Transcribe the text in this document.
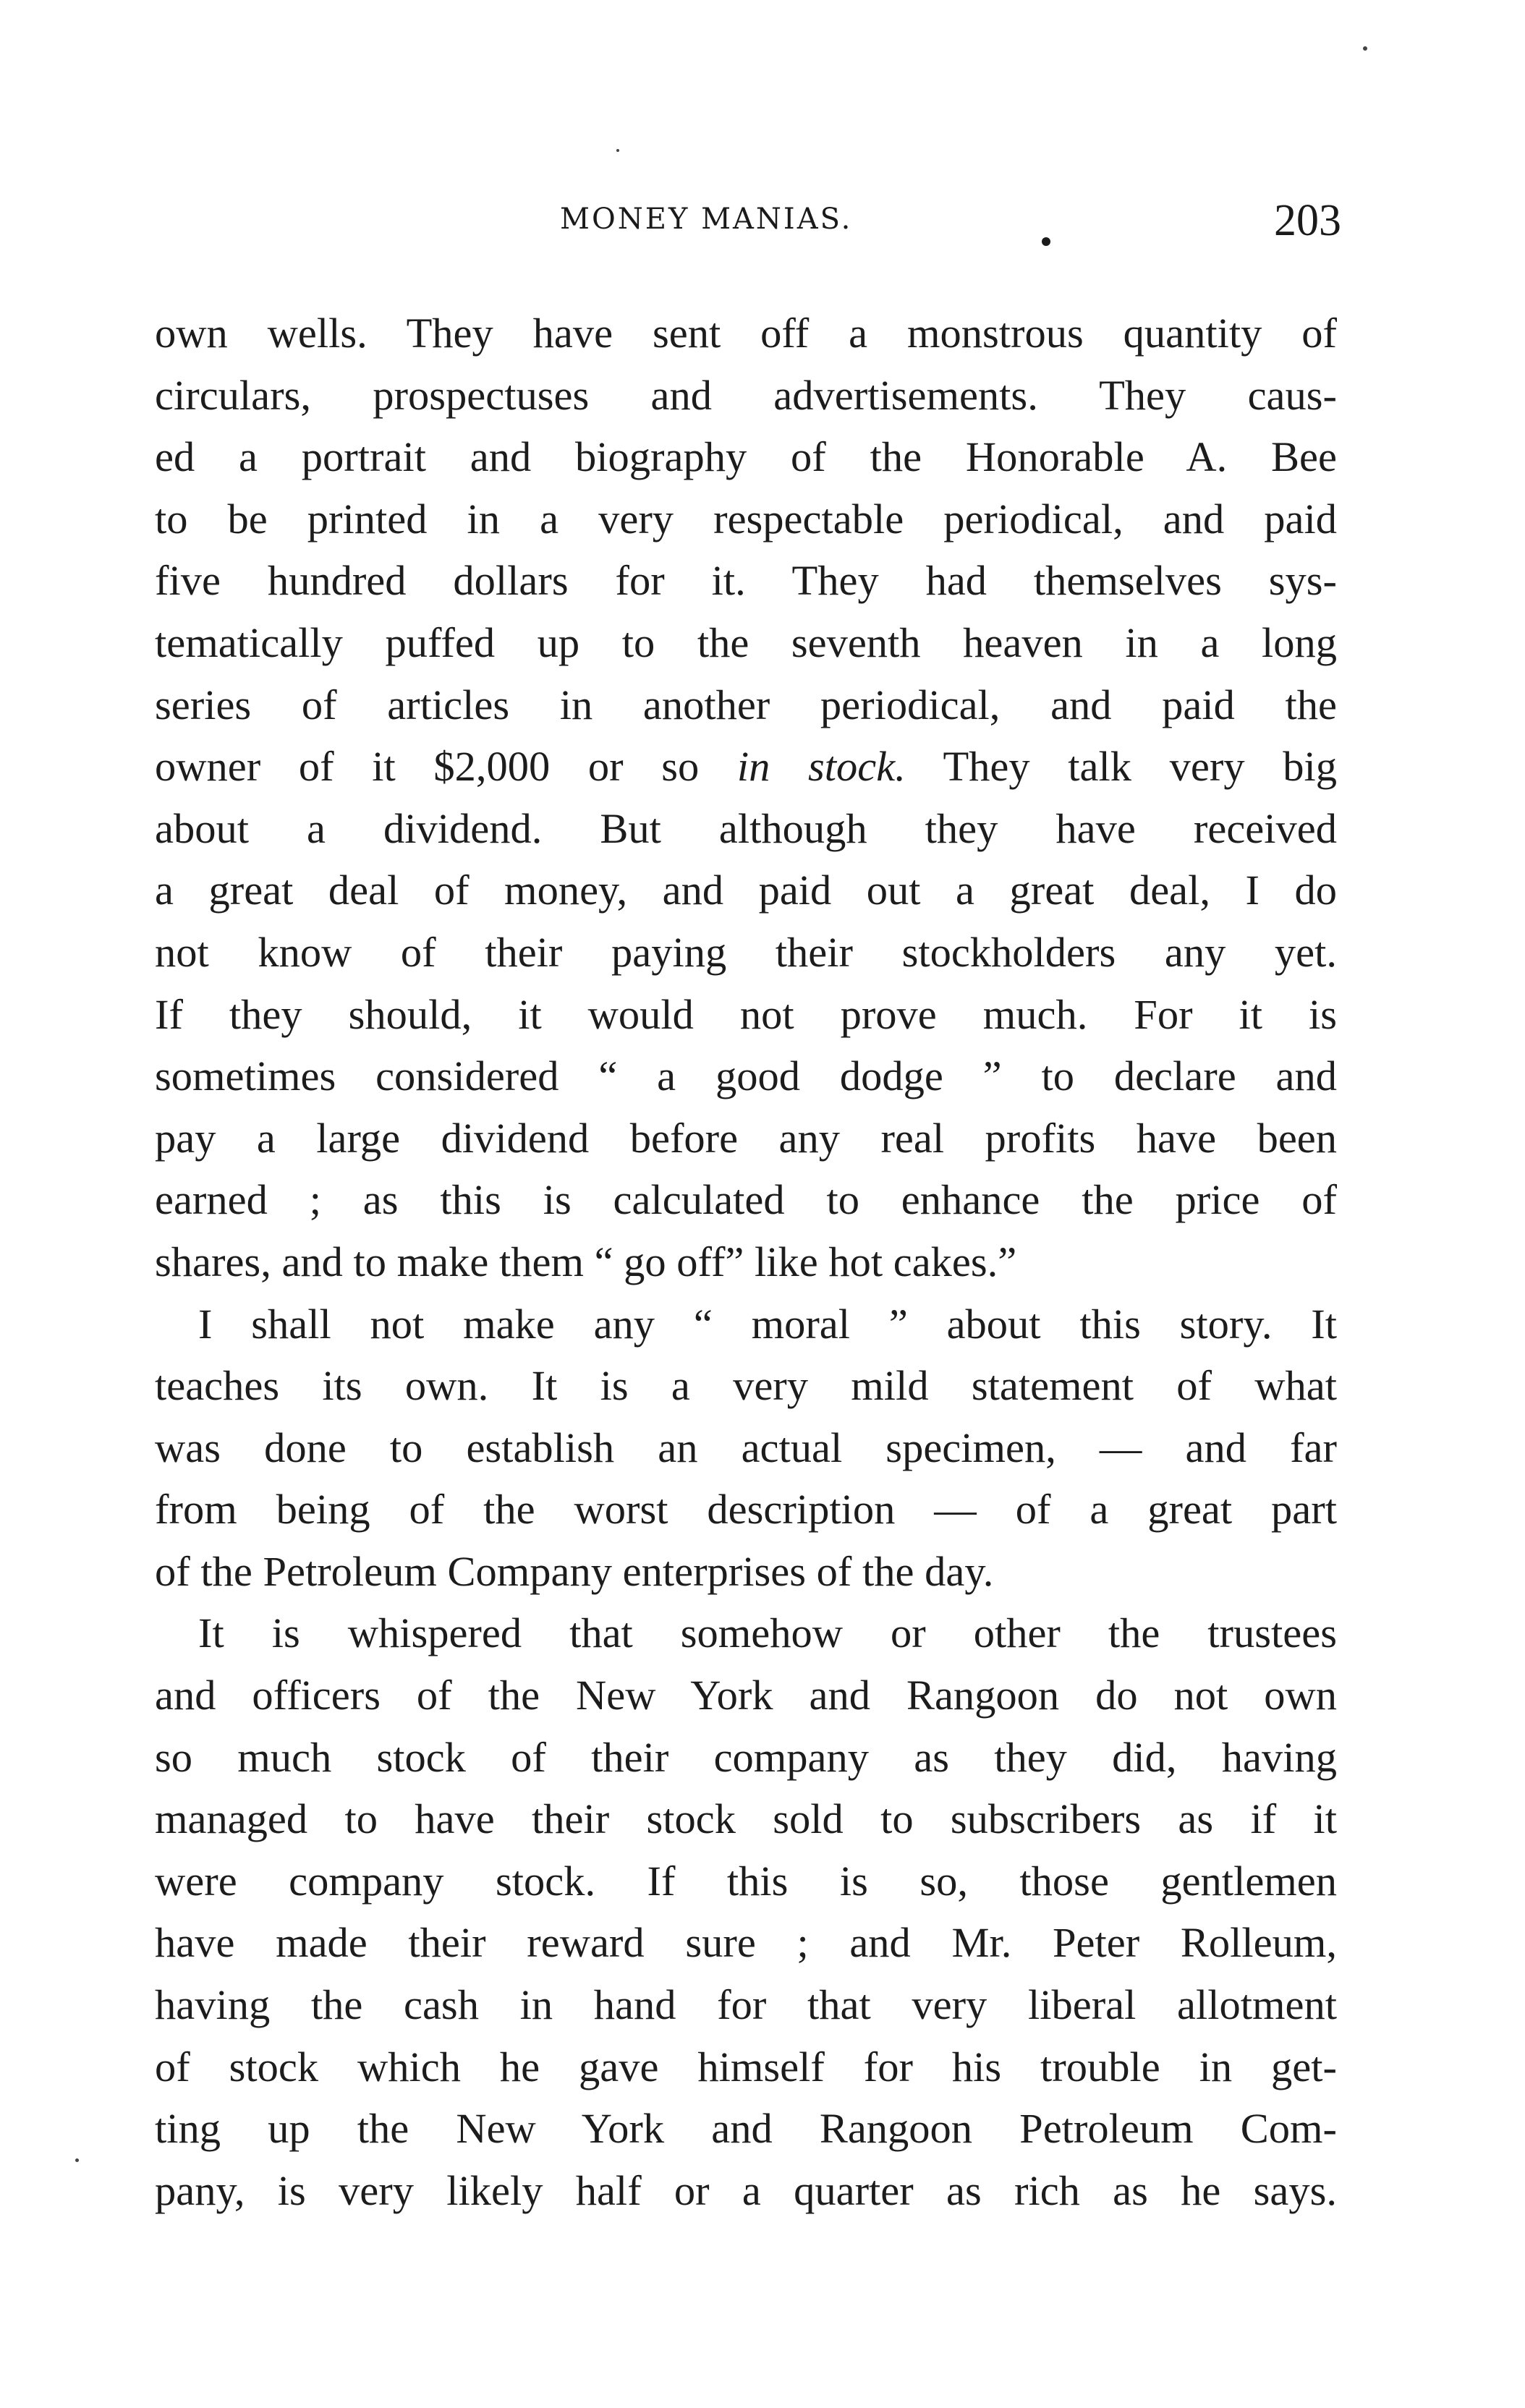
MONEY MANIAS.	203
own wells. They have sent off a monstrous quantity of
circulars, prospectuses and advertisements. They caus-
ed a portrait and biography of the Honorable A. Bee
to be printed in a very respectable periodical, and paid
five hundred dollars for it. They had themselves sys-
tematically puffed up to the seventh heaven in a long
series of articles in another periodical, and paid the
owner of it $2,000 or so in stock. They talk very big
about a dividend. But although they have received
a great deal of money, and paid out a great deal, I do
not know of their paying their stockholders any yet.
If they should, it would not prove much. For it is
sometimes considered “ a good dodge ” to declare and
pay a large dividend before any real profits have been
earned ; as this is calculated to enhance the price of
shares, and to make them “ go off” like hot cakes.”
I shall not make any “ moral ” about this story. It
teaches its own. It is a very mild statement of what
was done to establish an actual specimen, — and far
from being of the worst description — of a great part
of the Petroleum Company enterprises of the day.
It is whispered that somehow or other the trustees
and officers of the New York and Rangoon do not own
so much stock of their company as they did, having
managed to have their stock sold to subscribers as if it
were company stock. If this is so, those gentlemen
have made their reward sure ; and Mr. Peter Rolleum,
having the cash in hand for that very liberal allotment
of stock which he gave himself for his trouble in get-
ting up the New York and Rangoon Petroleum Com-
pany, is very likely half or a quarter as rich as he says.
